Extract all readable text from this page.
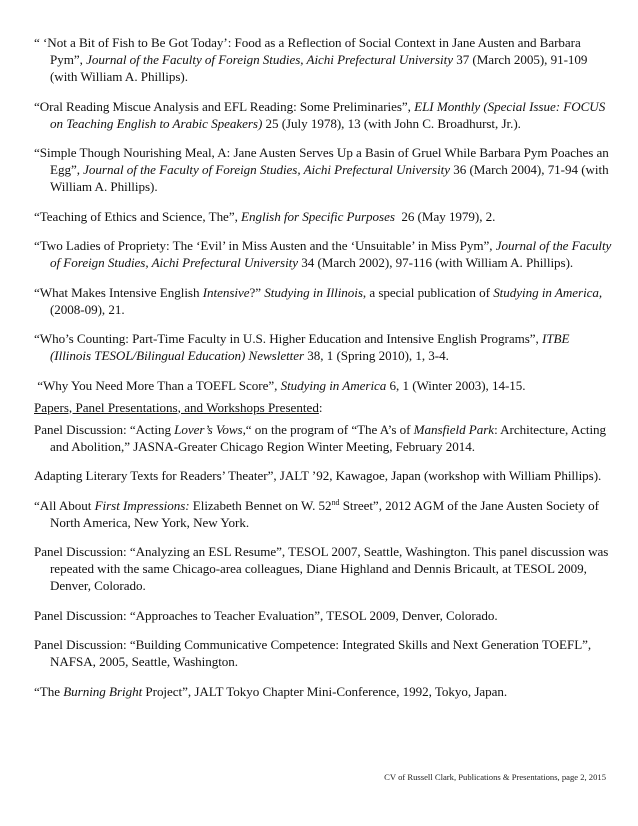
“ ‘Not a Bit of Fish to Be Got Today’: Food as a Reflection of Social Context in Jane Austen and Barbara Pym”, Journal of the Faculty of Foreign Studies, Aichi Prefectural University 37 (March 2005), 91-109 (with William A. Phillips).

“Oral Reading Miscue Analysis and EFL Reading: Some Preliminaries”, ELI Monthly (Special Issue: FOCUS on Teaching English to Arabic Speakers) 25 (July 1978), 13 (with John C. Broadhurst, Jr.).

“Simple Though Nourishing Meal, A: Jane Austen Serves Up a Basin of Gruel While Barbara Pym Poaches an Egg”, Journal of the Faculty of Foreign Studies, Aichi Prefectural University 36 (March 2004), 71-94 (with William A. Phillips).

“Teaching of Ethics and Science, The”, English for Specific Purposes  26 (May 1979), 2.

“Two Ladies of Propriety: The ‘Evil’ in Miss Austen and the ‘Unsuitable’ in Miss Pym”, Journal of the Faculty of Foreign Studies, Aichi Prefectural University 34 (March 2002), 97-116 (with William A. Phillips).

“What Makes Intensive English Intensive?” Studying in Illinois, a special publication of Studying in America, (2008-09), 21.

“Who’s Counting: Part-Time Faculty in U.S. Higher Education and Intensive English Programs”, ITBE (Illinois TESOL/Bilingual Education) Newsletter 38, 1 (Spring 2010), 1, 3-4.

“Why You Need More Than a TOEFL Score”, Studying in America 6, 1 (Winter 2003), 14-15.

Papers, Panel Presentations, and Workshops Presented:

Panel Discussion: “Acting Lover’s Vows,“ on the program of “The A’s of Mansfield Park: Architecture, Acting and Abolition,” JASNA-Greater Chicago Region Winter Meeting, February 2014.

Adapting Literary Texts for Readers’ Theater”, JALT ’92, Kawagoe, Japan (workshop with William Phillips).

“All About First Impressions: Elizabeth Bennet on W. 52nd Street”, 2012 AGM of the Jane Austen Society of North America, New York, New York.

Panel Discussion: “Analyzing an ESL Resume”, TESOL 2007, Seattle, Washington. This panel discussion was repeated with the same Chicago-area colleagues, Diane Highland and Dennis Bricault, at TESOL 2009, Denver, Colorado.

Panel Discussion: “Approaches to Teacher Evaluation”, TESOL 2009, Denver, Colorado.

Panel Discussion: “Building Communicative Competence: Integrated Skills and Next Generation TOEFL”, NAFSA, 2005, Seattle, Washington.

“The Burning Bright Project”, JALT Tokyo Chapter Mini-Conference, 1992, Tokyo, Japan.

CV of Russell Clark, Publications & Presentations, page 2, 2015
